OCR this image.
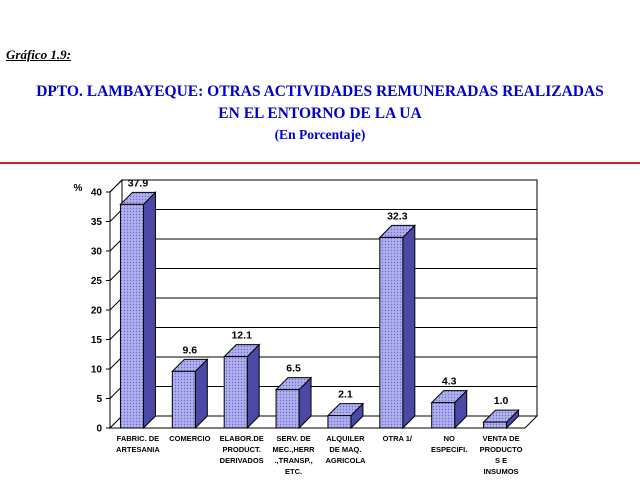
Gráfico 1.9:
DPTO. LAMBAYEQUE: OTRAS ACTIVIDADES REMUNERADAS REALIZADAS
EN EL ENTORNO DE LA UA
(En Porcentaje)
0
5
10
15
20
25
30
35
40
%	37.9
FABRIC. DE
ARTESANIA
9.6
COMERCIO
12.1
ELABOR.DE
PRODUCT.
DERIVADOS
6.5
SERV. DE
MEC.,HERR
.,TRANSP.,
ETC.
2.1
ALQUILER
DE MAQ.
AGRICOLA
32.3
OTRA 1/
4.3
NO
ESPECIFI.
1.0
VENTA DE
PRODUCTO
S E
INSUMOS
